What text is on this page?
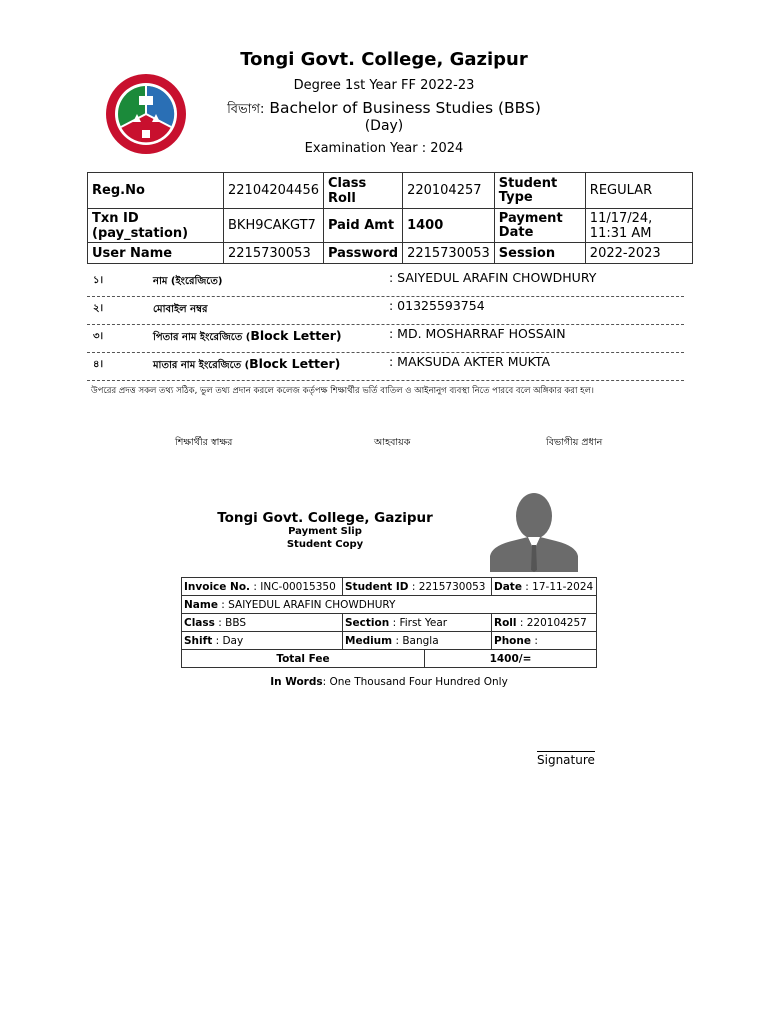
Tongi Govt. College, Gazipur
Degree 1st Year FF 2022-23
বিভাগ: Bachelor of Business Studies (BBS)
(Day)
Examination Year : 2024
Reg.No	22104204456	Class Roll	220104257	Student Type	REGULAR
Txn ID (pay_station)	BKH9CAKGT7	Paid Amt	1400	Payment Date	11/17/24, 11:31 AM
User Name	2215730053	Password	2215730053	Session	2022-2023
১।	নাম (ইংরেজিতে)	: SAIYEDUL ARAFIN CHOWDHURY
২।	মোবাইল নম্বর	: 01325593754
৩।	পিতার নাম ইংরেজিতে (Block Letter)	: MD. MOSHARRAF HOSSAIN
৪।	মাতার নাম ইংরেজিতে (Block Letter)	: MAKSUDA AKTER MUKTA
উপরের প্রদত্ত সকল তথ্য সঠিক, ভুল তথ্য প্রদান করলে কলেজ কর্তৃপক্ষ শিক্ষার্থীর ভর্তি বাতিল ও আইনানুগ ব্যবস্থা নিতে পারবে বলে অঙ্গিকার করা হল।
শিক্ষার্থীর স্বাক্ষর	আহবায়ক	বিভাগীয় প্রধান
Tongi Govt. College, Gazipur
Payment Slip
Student Copy
Invoice No. : INC-00015350	Student ID : 2215730053	Date : 17-11-2024
Name : SAIYEDUL ARAFIN CHOWDHURY		
Class : BBS	Section : First Year	Roll : 220104257
Shift : Day	Medium : Bangla	Phone :
Total Fee	1400/=
In Words: One Thousand Four Hundred Only
Signature
